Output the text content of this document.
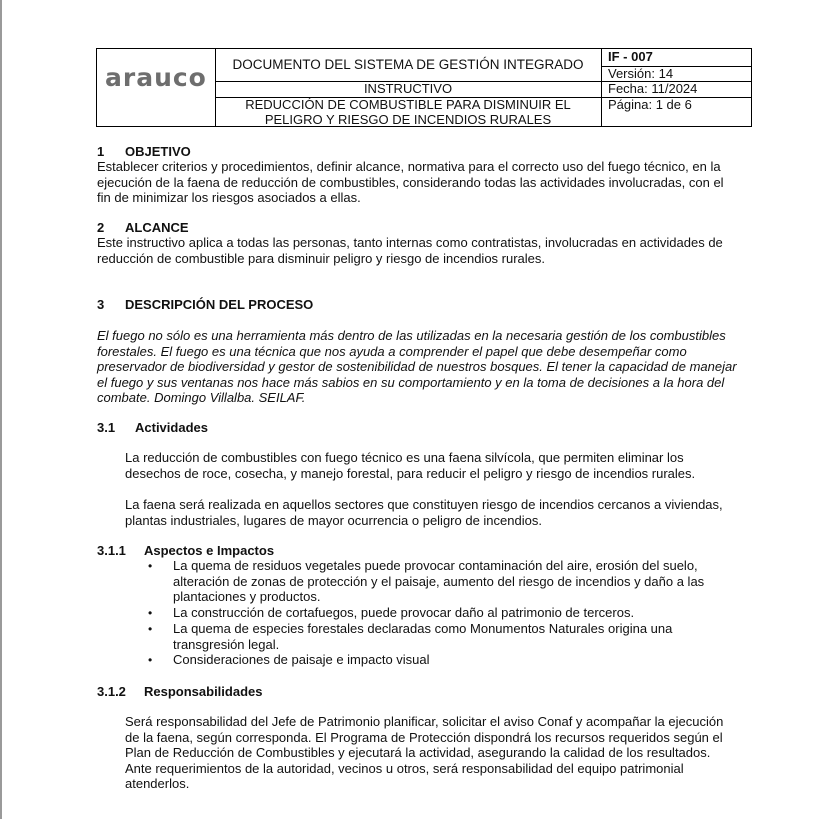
arauco	DOCUMENTO DEL SISTEMA DE GESTIÓN INTEGRADO
INSTRUCTIVO
REDUCCIÓN DE COMBUSTIBLE PARA DISMINUIR EL
PELIGRO Y RIESGO DE INCENDIOS RURALES
IF - 007
Versión: 14
Fecha: 11/2024
Página: 1 de 6
1 OBJETIVO
Establecer criterios y procedimientos, definir alcance, normativa para el correcto uso del fuego técnico, en la
ejecución de la faena de reducción de combustibles, considerando todas las actividades involucradas, con el
fin de minimizar los riesgos asociados a ellas.
2 ALCANCE
Este instructivo aplica a todas las personas, tanto internas como contratistas, involucradas en actividades de
reducción de combustible para disminuir peligro y riesgo de incendios rurales.
3 DESCRIPCIÓN DEL PROCESO
El fuego no sólo es una herramienta más dentro de las utilizadas en la necesaria gestión de los combustibles
forestales. El fuego es una técnica que nos ayuda a comprender el papel que debe desempeñar como
preservador de biodiversidad y gestor de sostenibilidad de nuestros bosques. El tener la capacidad de manejar
el fuego y sus ventanas nos hace más sabios en su comportamiento y en la toma de decisiones a la hora del
combate. Domingo Villalba. SEILAF.
3.1 Actividades
La reducción de combustibles con fuego técnico es una faena silvícola, que permiten eliminar los
desechos de roce, cosecha, y manejo forestal, para reducir el peligro y riesgo de incendios rurales.
La faena será realizada en aquellos sectores que constituyen riesgo de incendios cercanos a viviendas,
plantas industriales, lugares de mayor ocurrencia o peligro de incendios.
3.1.1 Aspectos e Impactos
• La quema de residuos vegetales puede provocar contaminación del aire, erosión del suelo,
alteración de zonas de protección y el paisaje, aumento del riesgo de incendios y daño a las
plantaciones y productos.
• La construcción de cortafuegos, puede provocar daño al patrimonio de terceros.
• La quema de especies forestales declaradas como Monumentos Naturales origina una
transgresión legal.
• Consideraciones de paisaje e impacto visual
3.1.2 Responsabilidades
Será responsabilidad del Jefe de Patrimonio planificar, solicitar el aviso Conaf y acompañar la ejecución
de la faena, según corresponda. El Programa de Protección dispondrá los recursos requeridos según el
Plan de Reducción de Combustibles y ejecutará la actividad, asegurando la calidad de los resultados.
Ante requerimientos de la autoridad, vecinos u otros, será responsabilidad del equipo patrimonial
atenderlos.
